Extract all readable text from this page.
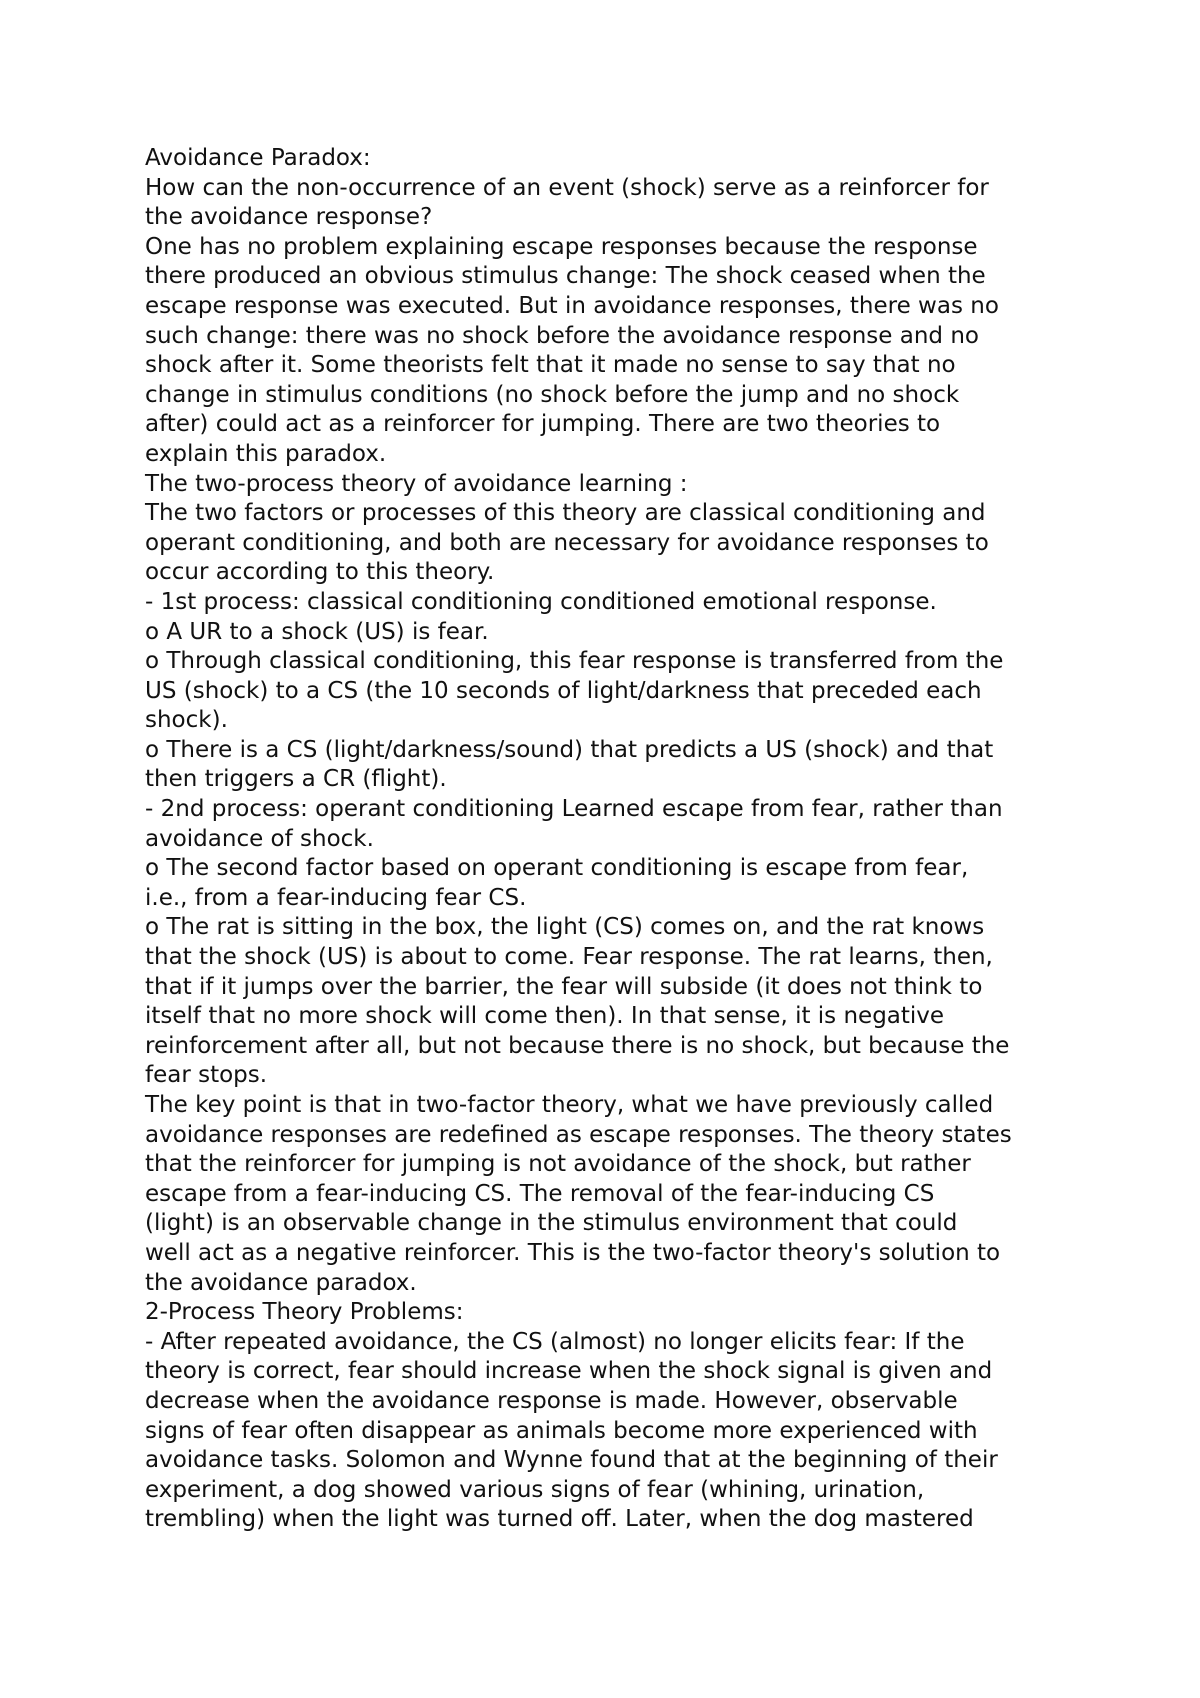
Avoidance Paradox:
How can the non-occurrence of an event (shock) serve as a reinforcer for
the avoidance response?
One has no problem explaining escape responses because the response
there produced an obvious stimulus change: The shock ceased when the
escape response was executed. But in avoidance responses, there was no
such change: there was no shock before the avoidance response and no
shock after it. Some theorists felt that it made no sense to say that no
change in stimulus conditions (no shock before the jump and no shock
after) could act as a reinforcer for jumping. There are two theories to
explain this paradox.
The two-process theory of avoidance learning :
The two factors or processes of this theory are classical conditioning and
operant conditioning, and both are necessary for avoidance responses to
occur according to this theory.
- 1st process: classical conditioning conditioned emotional response.
o A UR to a shock (US) is fear.
o Through classical conditioning, this fear response is transferred from the
US (shock) to a CS (the 10 seconds of light/darkness that preceded each
shock).
o There is a CS (light/darkness/sound) that predicts a US (shock) and that
then triggers a CR (flight).
- 2nd process: operant conditioning Learned escape from fear, rather than
avoidance of shock.
o The second factor based on operant conditioning is escape from fear,
i.e., from a fear-inducing fear CS.
o The rat is sitting in the box, the light (CS) comes on, and the rat knows
that the shock (US) is about to come. Fear response. The rat learns, then,
that if it jumps over the barrier, the fear will subside (it does not think to
itself that no more shock will come then). In that sense, it is negative
reinforcement after all, but not because there is no shock, but because the
fear stops.
The key point is that in two-factor theory, what we have previously called
avoidance responses are redefined as escape responses. The theory states
that the reinforcer for jumping is not avoidance of the shock, but rather
escape from a fear-inducing CS. The removal of the fear-inducing CS
(light) is an observable change in the stimulus environment that could
well act as a negative reinforcer. This is the two-factor theory's solution to
the avoidance paradox.
2-Process Theory Problems:
- After repeated avoidance, the CS (almost) no longer elicits fear: If the
theory is correct, fear should increase when the shock signal is given and
decrease when the avoidance response is made. However, observable
signs of fear often disappear as animals become more experienced with
avoidance tasks. Solomon and Wynne found that at the beginning of their
experiment, a dog showed various signs of fear (whining, urination,
trembling) when the light was turned off. Later, when the dog mastered
